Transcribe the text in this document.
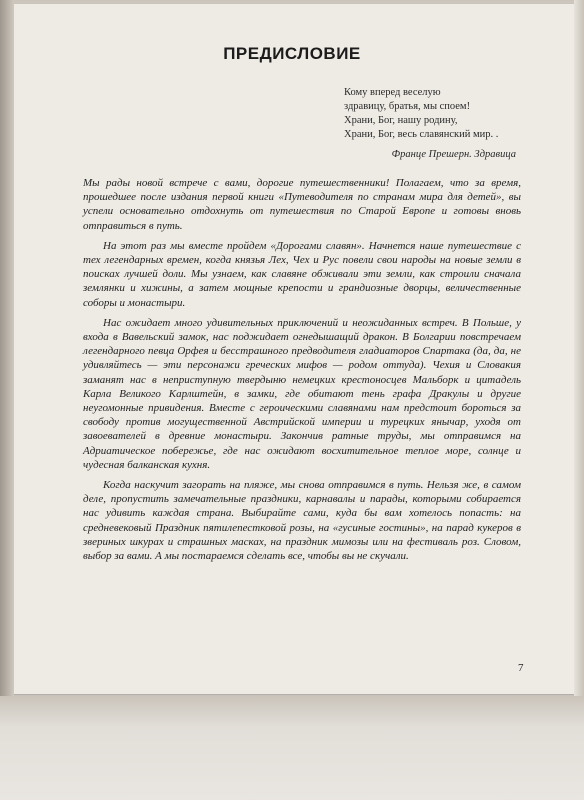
ПРЕДИСЛОВИЕ
Кому вперед веселую
здравицу, братья, мы споем!
Храни, Бог, нашу родину,
Храни, Бог, весь славянский мир. .
Франце Прешерн. Здравица

Мы рады новой встрече с вами, дорогие путешественники! Полагаем, что за время, прошедшее после издания первой книги «Путеводителя по странам мира для детей», вы успели основательно отдохнуть от путешествия по Старой Европе и готовы вновь отправиться в путь.

На этот раз мы вместе пройдем «Дорогами славян». Начнется наше путешествие с тех легендарных времен, когда князья Лех, Чех и Рус повели свои народы на новые земли в поисках лучшей доли. Мы узнаем, как славяне обживали эти земли, как строили сначала землянки и хижины, а затем мощные крепости и грандиозные дворцы, величественные соборы и монастыри.

Нас ожидает много удивительных приключений и неожиданных встреч. В Польше, у входа в Вавельский замок, нас поджидает огнедышащий дракон. В Болгарии повстречаем легендарного певца Орфея и бесстрашного предводителя гладиаторов Спартака (да, да, не удивляйтесь — эти персонажи греческих мифов — родом оттуда). Чехия и Словакия заманят нас в неприступную твердыню немецких крестоносцев Мальборк и цитадель Карла Великого Карлштейн, в замки, где обитают тень графа Дракулы и другие неугомонные привидения. Вместе с героическими славянами нам предстоит бороться за свободу против могущественной Австрийской империи и турецких янычар, уходя от завоевателей в древние монастыри. Закончив ратные труды, мы отправимся на Адриатическое побережье, где нас ожидают восхитительное теплое море, солнце и чудесная балканская кухня.

Когда наскучит загорать на пляже, мы снова отправимся в путь. Нельзя же, в самом деле, пропустить замечательные праздники, карнавалы и парады, которыми собирается нас удивить каждая страна. Выбирайте сами, куда бы вам хотелось попасть: на средневековый Праздник пятилепестковой розы, на «гусиные гостины», на парад кукеров в звериных шкурах и страшных масках, на праздник мимозы или на фестиваль роз. Словом, выбор за вами. А мы постараемся сделать все, чтобы вы не скучали.

7
